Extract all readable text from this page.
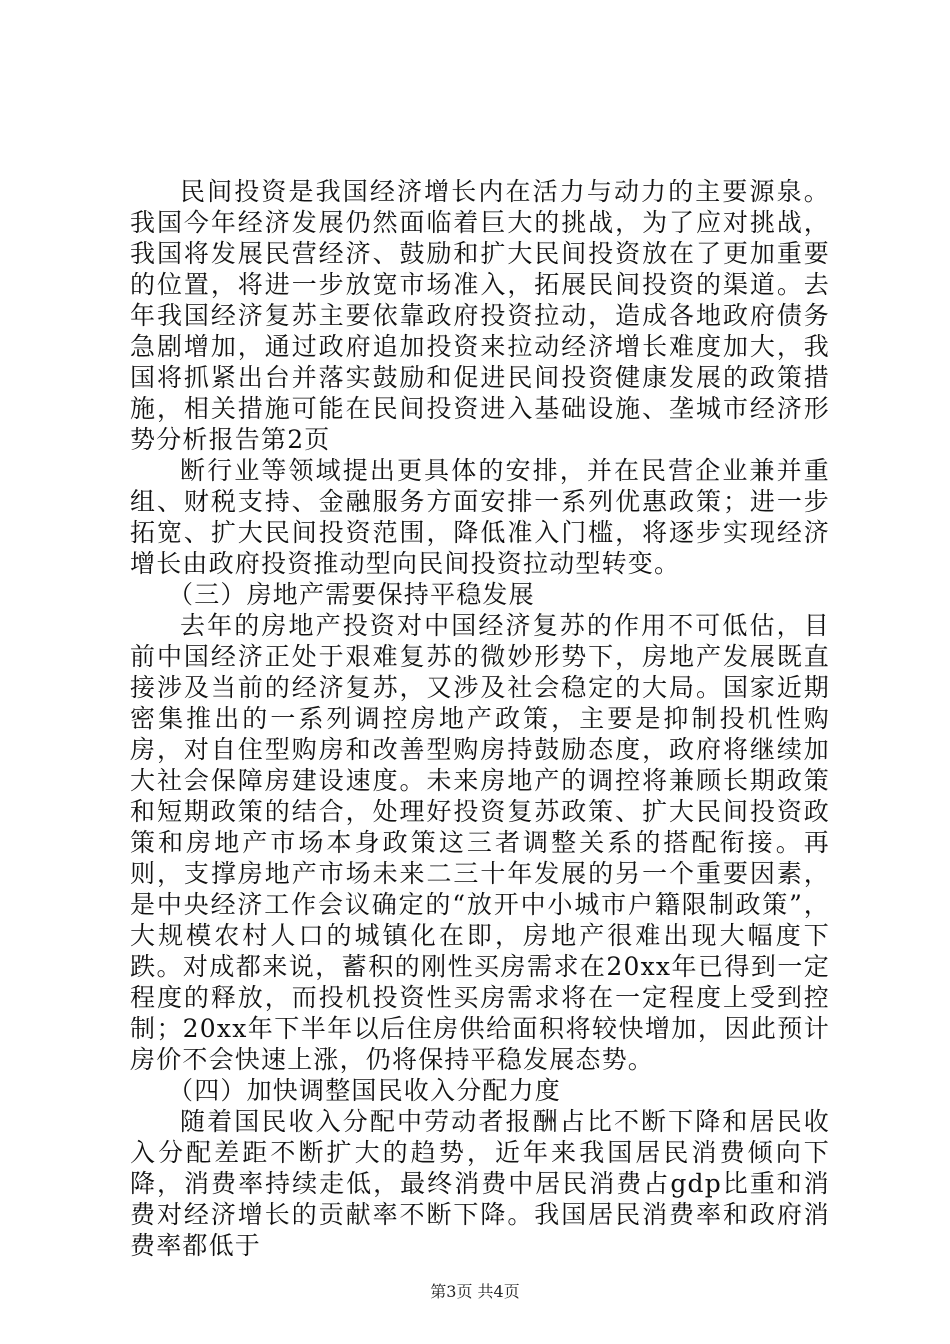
民间投资是我国经济增长内在活力与动力的主要源泉。我国今年经济发展仍然面临着巨大的挑战，为了应对挑战，我国将发展民营经济、鼓励和扩大民间投资放在了更加重要的位置，将进一步放宽市场准入，拓展民间投资的渠道。去年我国经济复苏主要依靠政府投资拉动，造成各地政府债务急剧增加，通过政府追加投资来拉动经济增长难度加大，我国将抓紧出台并落实鼓励和促进民间投资健康发展的政策措施，相关措施可能在民间投资进入基础设施、垄城市经济形势分析报告第2页

断行业等领域提出更具体的安排，并在民营企业兼并重组、财税支持、金融服务方面安排一系列优惠政策；进一步拓宽、扩大民间投资范围，降低准入门槛，将逐步实现经济增长由政府投资推动型向民间投资拉动型转变。

（三）房地产需要保持平稳发展

去年的房地产投资对中国经济复苏的作用不可低估，目前中国经济正处于艰难复苏的微妙形势下，房地产发展既直接涉及当前的经济复苏，又涉及社会稳定的大局。国家近期密集推出的一系列调控房地产政策，主要是抑制投机性购房，对自住型购房和改善型购房持鼓励态度，政府将继续加大社会保障房建设速度。未来房地产的调控将兼顾长期政策和短期政策的结合，处理好投资复苏政策、扩大民间投资政策和房地产市场本身政策这三者调整关系的搭配衔接。再则，支撑房地产市场未来二三十年发展的另一个重要因素，是中央经济工作会议确定的“放开中小城市户籍限制政策”，大规模农村人口的城镇化在即，房地产很难出现大幅度下跌。对成都来说，蓄积的刚性买房需求在20xx年已得到一定程度的释放，而投机投资性买房需求将在一定程度上受到控制；20xx年下半年以后住房供给面积将较快增加，因此预计房价不会快速上涨，仍将保持平稳发展态势。

（四）加快调整国民收入分配力度

随着国民收入分配中劳动者报酬占比不断下降和居民收入分配差距不断扩大的趋势，近年来我国居民消费倾向下降，消费率持续走低，最终消费中居民消费占gdp比重和消费对经济增长的贡献率不断下降。我国居民消费率和政府消费率都低于

第3页 共4页
